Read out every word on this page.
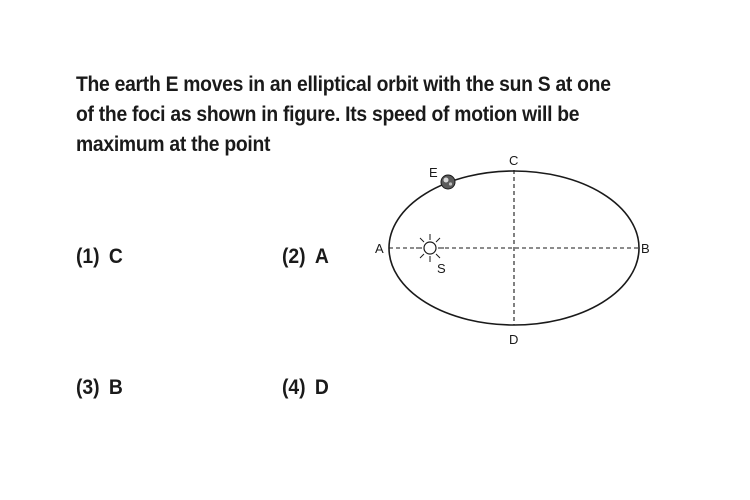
The earth E moves in an elliptical orbit with the sun S at one
of the foci as shown in figure. Its speed of motion will be
maximum at the point
(1) C	(2) A
(3) B	(4) D
E
S
A	B
C
D
